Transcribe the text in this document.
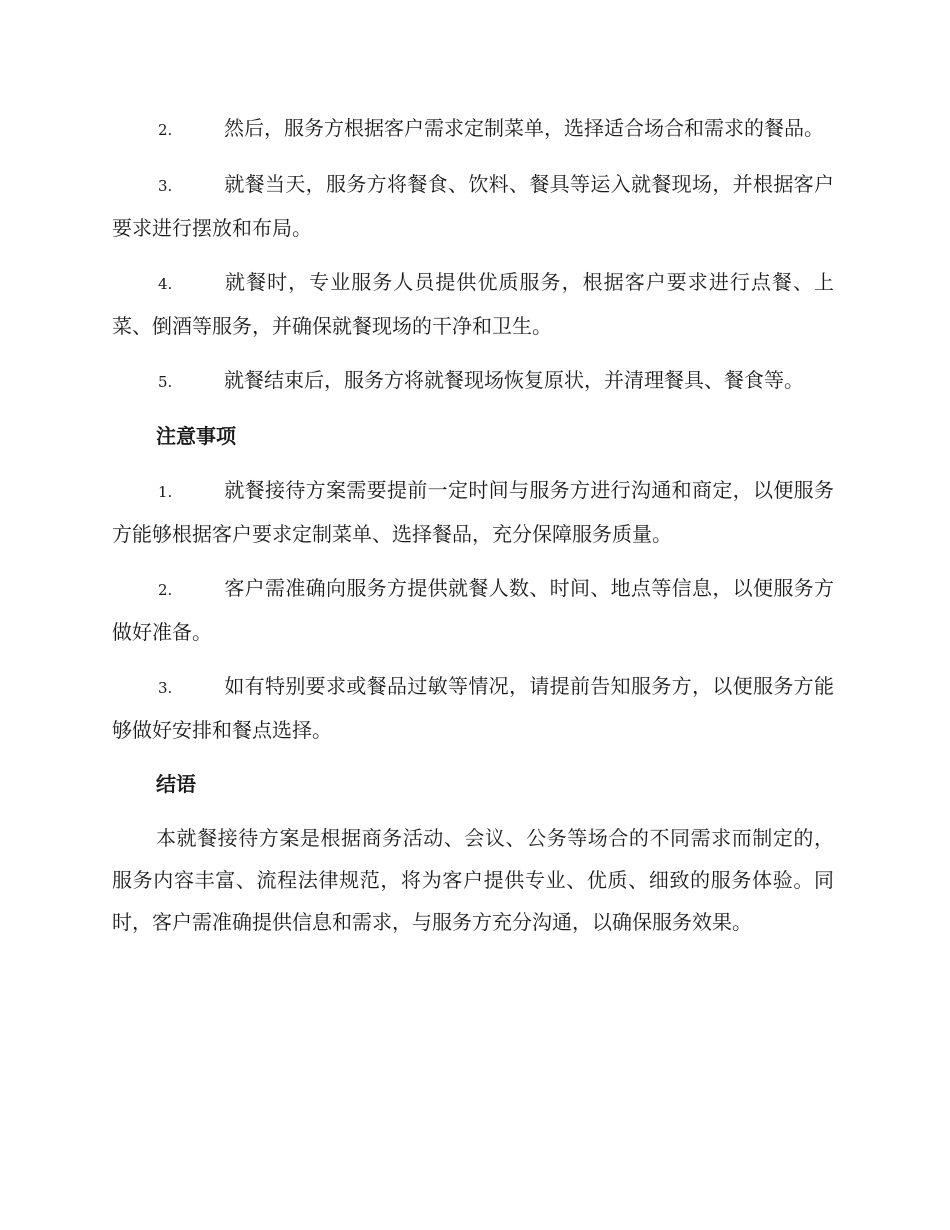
2.	然后，服务方根据客户需求定制菜单，选择适合场合和需求的餐品。
3.	就餐当天，服务方将餐食、饮料、餐具等运入就餐现场，并根据客户要求进行摆放和布局。
4.	就餐时，专业服务人员提供优质服务，根据客户要求进行点餐、上菜、倒酒等服务，并确保就餐现场的干净和卫生。
5.	就餐结束后，服务方将就餐现场恢复原状，并清理餐具、餐食等。
注意事项
1.	就餐接待方案需要提前一定时间与服务方进行沟通和商定，以便服务方能够根据客户要求定制菜单、选择餐品，充分保障服务质量。
2.	客户需准确向服务方提供就餐人数、时间、地点等信息，以便服务方做好准备。
3.	如有特别要求或餐品过敏等情况，请提前告知服务方，以便服务方能够做好安排和餐点选择。
结语

本就餐接待方案是根据商务活动、会议、公务等场合的不同需求而制定的，服务内容丰富、流程法律规范，将为客户提供专业、优质、细致的服务体验。同时，客户需准确提供信息和需求，与服务方充分沟通，以确保服务效果。
